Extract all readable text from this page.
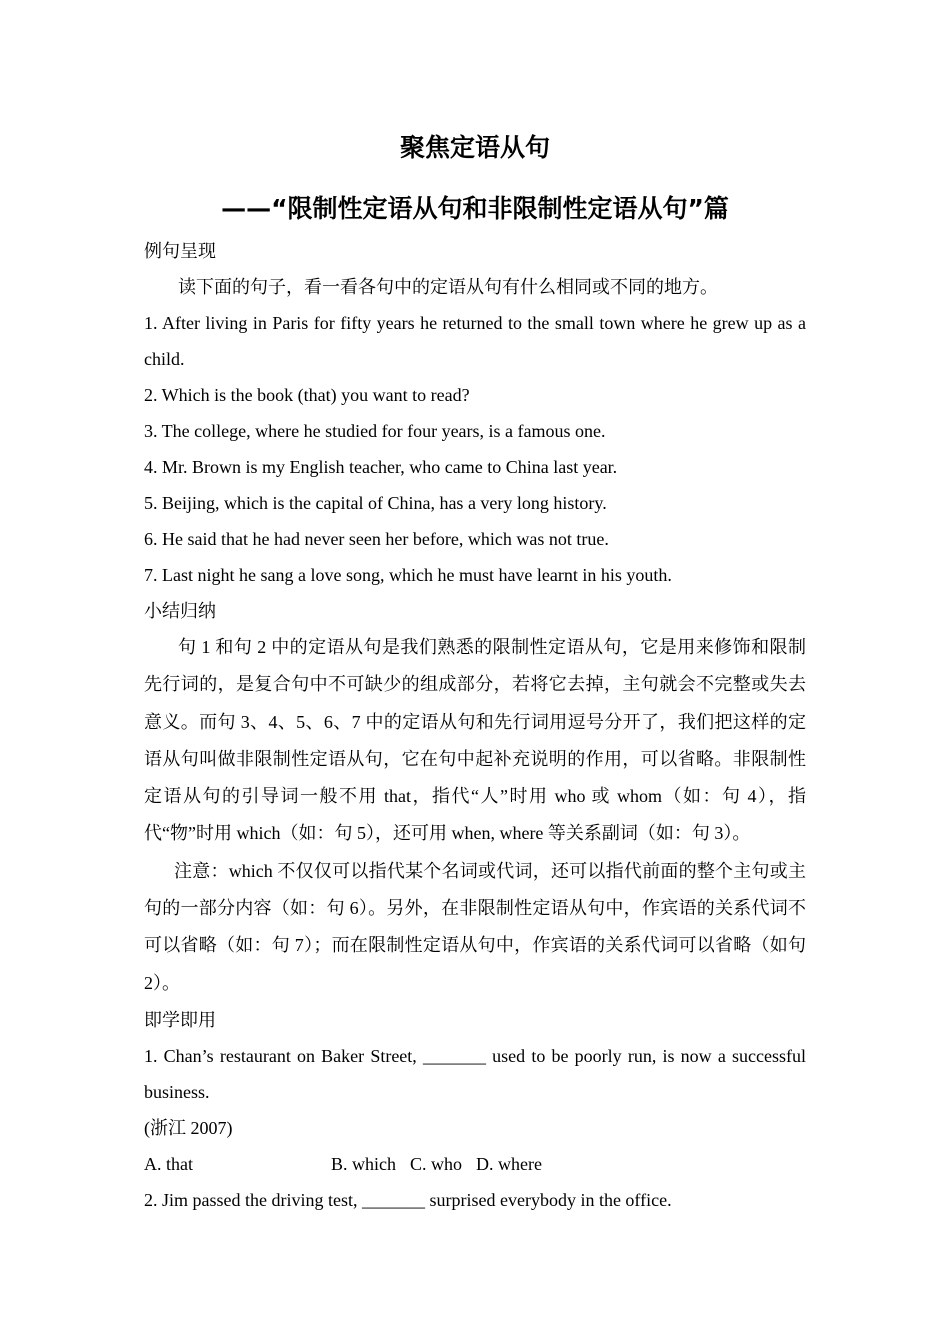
聚焦定语从句
——“限制性定语从句和非限制性定语从句”篇

例句呈现

读下面的句子，看一看各句中的定语从句有什么相同或不同的地方。

1. After living in Paris for fifty years he returned to the small town where he grew up as a child.

2. Which is the book (that) you want to read?

3. The college, where he studied for four years, is a famous one.

4. Mr. Brown is my English teacher, who came to China last year.

5. Beijing, which is the capital of China, has a very long history.

6. He said that he had never seen her before, which was not true.

7. Last night he sang a love song, which he must have learnt in his youth.

小结归纳

句 1 和句 2 中的定语从句是我们熟悉的限制性定语从句，它是用来修饰和限制先行词的，是复合句中不可缺少的组成部分，若将它去掉，主句就会不完整或失去意义。而句 3、4、5、6、7 中的定语从句和先行词用逗号分开了，我们把这样的定语从句叫做非限制性定语从句，它在句中起补充说明的作用，可以省略。非限制性定语从句的引导词一般不用 that，指代“人”时用 who 或 whom（如：句 4），指代“物”时用 which（如：句 5），还可用 when, where 等关系副词（如：句 3）。

注意：which 不仅仅可以指代某个名词或代词，还可以指代前面的整个主句或主句的一部分内容（如：句 6）。另外，在非限制性定语从句中，作宾语的关系代词不可以省略（如：句 7）；而在限制性定语从句中，作宾语的关系代词可以省略（如句 2）。

即学即用

1. Chan’s restaurant on Baker Street, _______ used to be poorly run, is now a successful business.

(浙江 2007)

A. that	B. which C. who D. where

2. Jim passed the driving test, _______ surprised everybody in the office.
